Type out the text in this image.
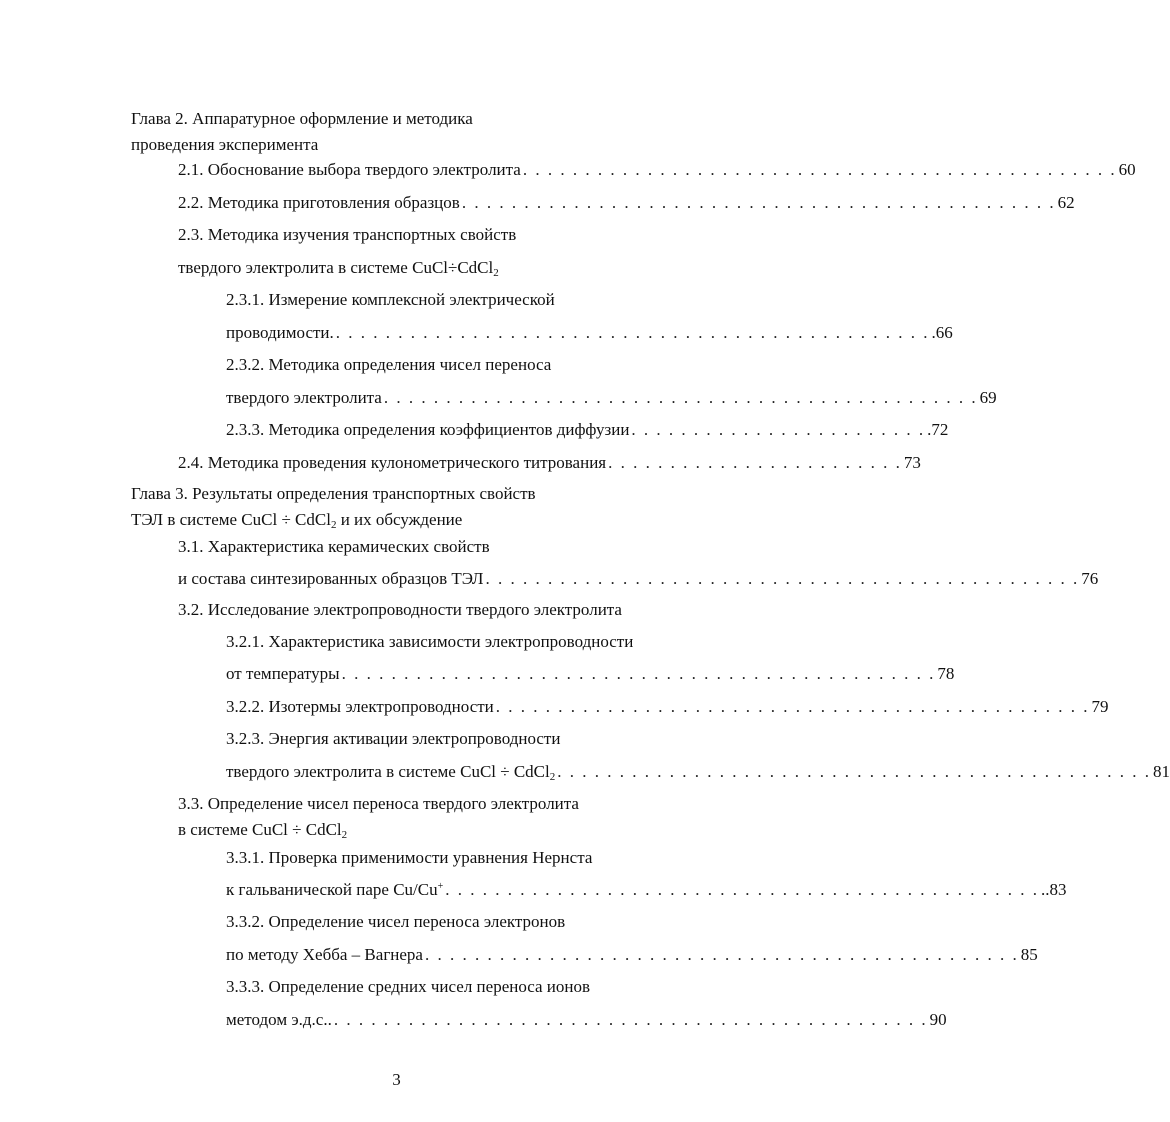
Глава 2. Аппаратурное оформление и методика
проведения эксперимента
2.1. Обоснование выбора твердого электролита . . . . . . . . . . . . . . . . . . . . . . . . . . . . . . . . . . . . . . . . . . . . . . . . 60
2.2. Методика приготовления образцов . . . . . . . . . . . . . . . . . . . . . . . . . . . . . . . . . . . . . . . . . . . . . . . . 62
2.3. Методика изучения транспортных свойств
твердого электролита в системе CuCl÷CdCl$_2$
2.3.1. Измерение комплексной электрической
проводимости. . . . . . . . . . . . . . . . . . . . . . . . . . . . . . . . . . . . . . . . . . . . . . . . . .66
2.3.2. Методика определения чисел переноса
твердого электролита . . . . . . . . . . . . . . . . . . . . . . . . . . . . . . . . . . . . . . . . . . . . . . . . 69
2.3.3. Методика определения коэффициентов диффузии . . . . . . . . . . . . . . . . . . . . . . . . .72
2.4. Методика проведения кулонометрического титрования . . . . . . . . . . . . . . . . . . . . . . . . 73
Глава 3. Результаты определения транспортных свойств
ТЭЛ в системе CuCl ÷ CdCl$_2$ и их обсуждение
3.1. Характеристика керамических свойств
и состава синтезированных образцов ТЭЛ . . . . . . . . . . . . . . . . . . . . . . . . . . . . . . . . . . . . . . . . . . . . . . . . 76
3.2. Исследование электропроводности твердого электролита
3.2.1. Характеристика зависимости электропроводности
от температуры . . . . . . . . . . . . . . . . . . . . . . . . . . . . . . . . . . . . . . . . . . . . . . . . 78
3.2.2. Изотермы электропроводности . . . . . . . . . . . . . . . . . . . . . . . . . . . . . . . . . . . . . . . . . . . . . . . . 79
3.2.3. Энергия активации электропроводности
твердого электролита в системе CuCl ÷ CdCl$_2$ . . . . . . . . . . . . . . . . . . . . . . . . . . . . . . . . . . . . . . . . . . . . . . . . 81
3.3. Определение чисел переноса твердого электролита
в системе CuCl ÷ CdCl$_2$
3.3.1. Проверка применимости уравнения Нернста
к гальванической паре Cu/Cu+ . . . . . . . . . . . . . . . . . . . . . . . . . . . . . . . . . . . . . . . . . . . . . . . . ..83
3.3.2. Определение чисел переноса электронов
по методу Хебба – Вагнера . . . . . . . . . . . . . . . . . . . . . . . . . . . . . . . . . . . . . . . . . . . . . . . . 85
3.3.3. Определение средних чисел переноса ионов
методом э.д.с.. . . . . . . . . . . . . . . . . . . . . . . . . . . . . . . . . . . . . . . . . . . . . . . . . 90
3
